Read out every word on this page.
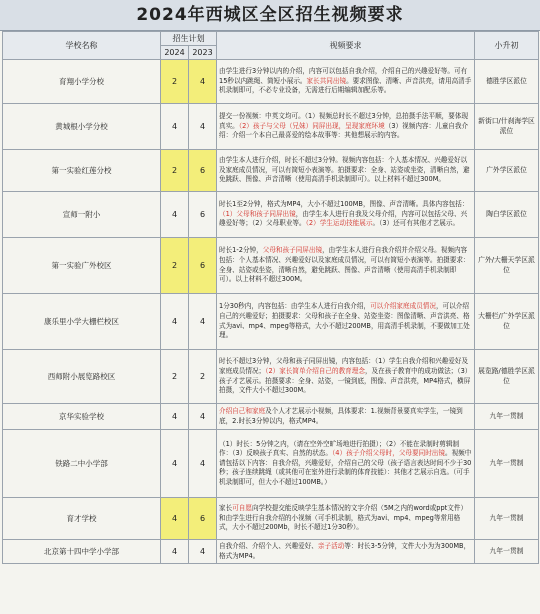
2024年西城区全区招生视频要求
学校名称	招生计划		视频要求	小升初
	2024	2023		
育翔小学分校	2	4	由学生进行3分钟以内的介绍，内容可以包括自我介绍，介绍自己的兴趣爱好等。可有15秒以内跳绳、简短小展示。家长共同出镜。要求图像、清晰、声音洪亮，请用高清手机录制即可，不必专业设备，无需进行后期编辑加配乐等。	德胜学区派位
黄城根小学分校	4	4	提交一份视频：中英文均可。（1）视频总时长不超过3分钟，总拍摄手法平顺，要体现真实。（2）孩子与父母（兄妹）同屏出现，呈现家庭环境（3）视频内容：儿童自我介绍：介绍一个本自己最喜爱的绘本故事等：其他想展示的内容。	新街口/什刹海学区派位
第一实验红莲分校	2	6	由学生本人进行介绍，时长不超过3分钟。视频内容包括：个人基本情况、兴趣爱好以及家庭成员情况，可以有简短小表演等。拍摄要求：全身、站姿或坐姿，清晰自然，避免跳跃、图像、声音清晰（使用高清手机录制即可）。以上材料不超过300M。	广外学区派位
宣师一附小	4	6	时长1至2分钟，格式为MP4，大小不超过100MB，图像、声音清晰。具体内容包括：（1）父母和孩子同屏出镜，由学生本人进行自我及父母介绍，内容可以包括父母、兴趣爱好等；（2）父母职业等。（2）学生运动技能展示。（3）还可有其他才艺展示。	陶白学区派位
第一实验广外校区	2	6	时长1-2分钟，父母和孩子同屏出镜，由学生本人进行自我介绍并介绍父母。视频内容包括：个人基本情况、兴趣爱好以及家庭成员情况，可以有简短小表演等。拍摄要求：全身、站姿或坐姿，清晰自然，避免跳跃、图像、声音清晰（使用高清手机录制即可）。以上材料不超过300M。	广外/大栅天学区派位
康乐里小学大栅栏校区	4	4	1分30秒内，内容包括：由学生本人进行自我介绍，可以介绍家庭成员情况，可以介绍自己的兴趣爱好；拍摄要求：父母和孩子在全身、站姿坐姿：图像清晰、声音洪亮、格式为avi、mp4、mpeg等格式，大小不超过200MB，用高清手机录制，不要做加工处理。	大栅栏/广外学区派位
西师附小展览路校区	2	2	时长不超过3分钟，父母和孩子同屏出镜，内容包括：（1）学生自我介绍和兴趣爱好及家庭成员情况；（2）家长简单介绍自己的教育理念，及在孩子教育中的成功做法；（3）孩子才艺展示。拍摄要求：全身、站姿，一镜到底，图像、声音洪亮，MP4格式，横屏拍摄，文件大小不超过300M。	展览路/德胜学区派位
京华实验学校	4	4	介绍自己和家庭及个人才艺展示小视频，具体要求：1.视频背景要真实学生，一镜到底，2.时长3分钟以内，格式MP4。	九年一贯制
铁路二中小学部	4	4	（1）时长：5分钟之内，（请在空外空旷场地进行拍摄）；（2）不能在录制时剪辑制作：（3）反映孩子真实、自然的状态。（4）孩子介绍父母时，父母要同时出镜。视频中请包括以下内容：自我介绍，兴趣爱好，介绍自己的父母（孩子语言表达时间不少于30秒；孩子连续跳绳（或其他可在室外进行录制的体育技能）：其他才艺展示自选。（可手机录制即可，但大小不超过100MB。）	九年一贯制
育才学校	4	6	家长可自愿向学校提交能反映学生基本情况的文字介绍（5M之内的word或ppt文件）和由学生进行自我介绍的小视频（可手机录制，格式为avi、mp4、mpeg等常用格式，大小不超过200Mb，时长不超过1分30秒）。	九年一贯制
北京第十四中学小学部	4	4	自我介绍、介绍个人、兴趣爱好、亲子活动等：时长3-5分钟，文件大小为为300MB，格式为MP4。	九年一贯制
